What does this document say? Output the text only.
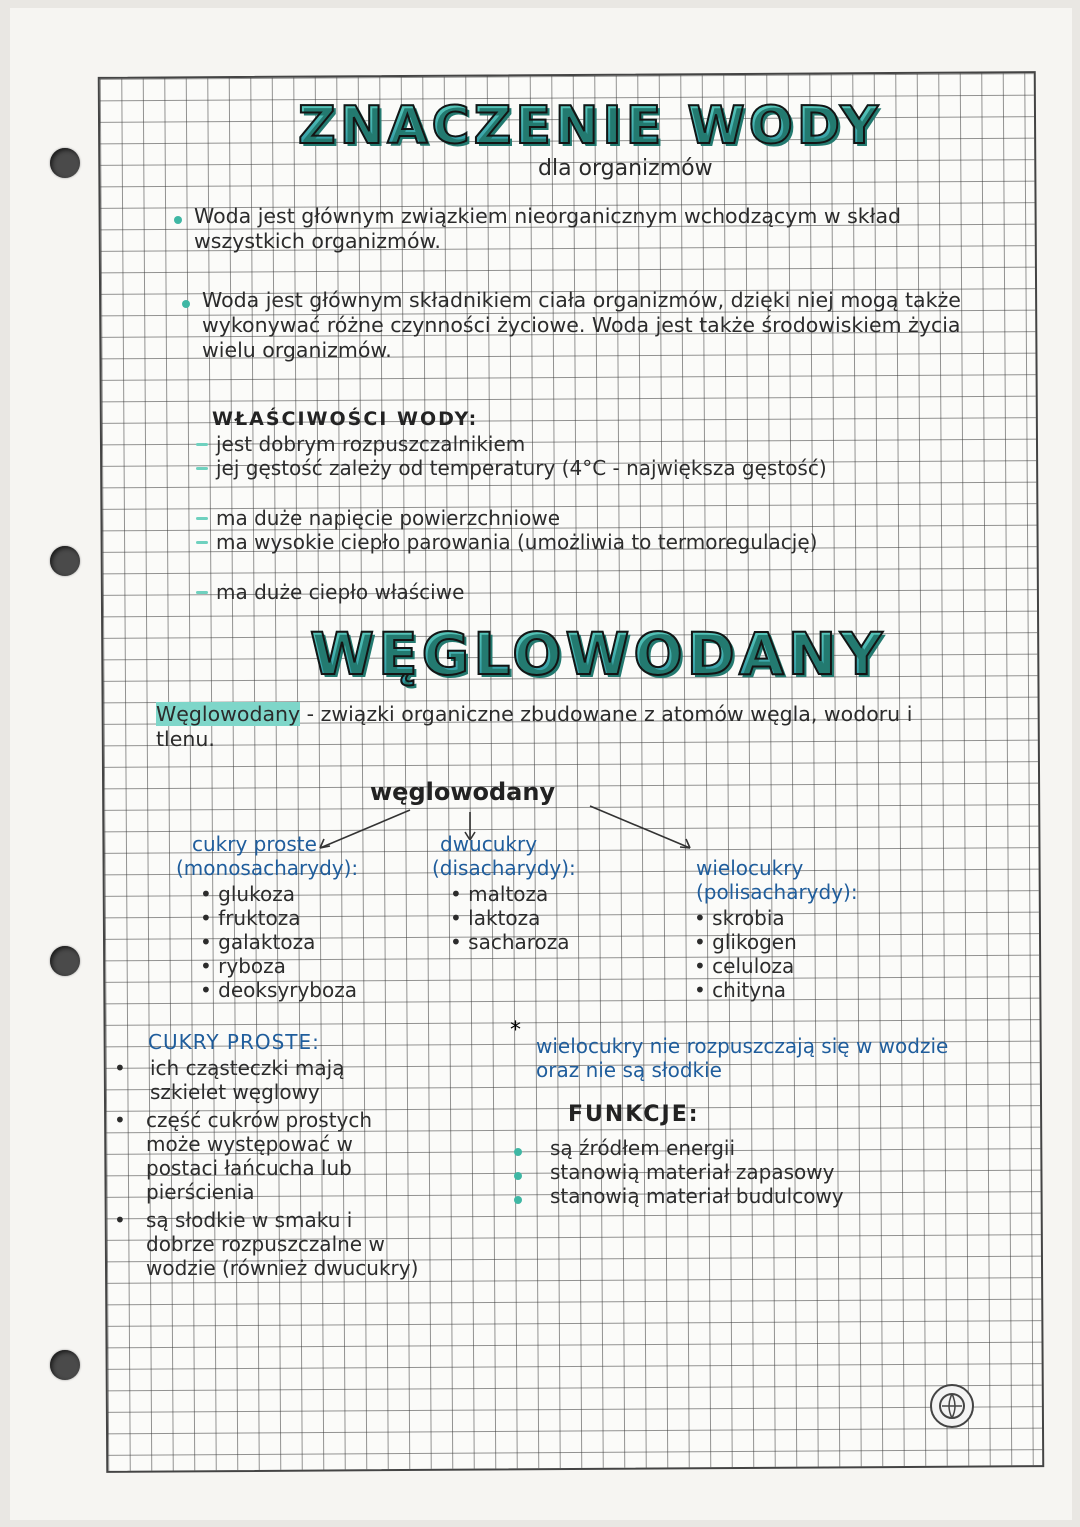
ZNACZENIE WODY
dla organizmów
Woda jest głównym związkiem nieorganicznym wchodzącym w skład wszystkich organizmów.
Woda jest głównym składnikiem ciała organizmów, dzięki niej mogą także wykonywać różne czynności życiowe. Woda jest także środowiskiem życia wielu organizmów.
WŁAŚCIWOŚCI WODY:
jest dobrym rozpuszczalnikiem
jej gęstość zależy od temperatury (4°C - największa gęstość)
ma duże napięcie powierzchniowe
ma wysokie ciepło parowania (umożliwia to termoregulację)
ma duże ciepło właściwe
WĘGLOWODANY
Węglowodany - związki organiczne zbudowane z atomów węgla, wodoru i tlenu.
węglowodany
cukry proste
(monosacharydy):
• glukoza
• fruktoza
• galaktoza
• ryboza
• deoksyryboza
dwucukry
(disacharydy):
• maltoza
• laktoza
• sacharoza
wielocukry
(polisacharydy):
• skrobia
• glikogen
• celuloza
• chityna
CUKRY PROSTE:
• ich cząsteczki mają szkielet węglowy
• część cukrów prostych może występować w postaci łańcucha lub pierścienia
• są słodkie w smaku i dobrze rozpuszczalne w wodzie (również dwucukry)
*
wielocukry nie rozpuszczają się w wodzie oraz nie są słodkie
FUNKCJE:
są źródłem energii
stanowią materiał zapasowy
stanowią materiał budulcowy
